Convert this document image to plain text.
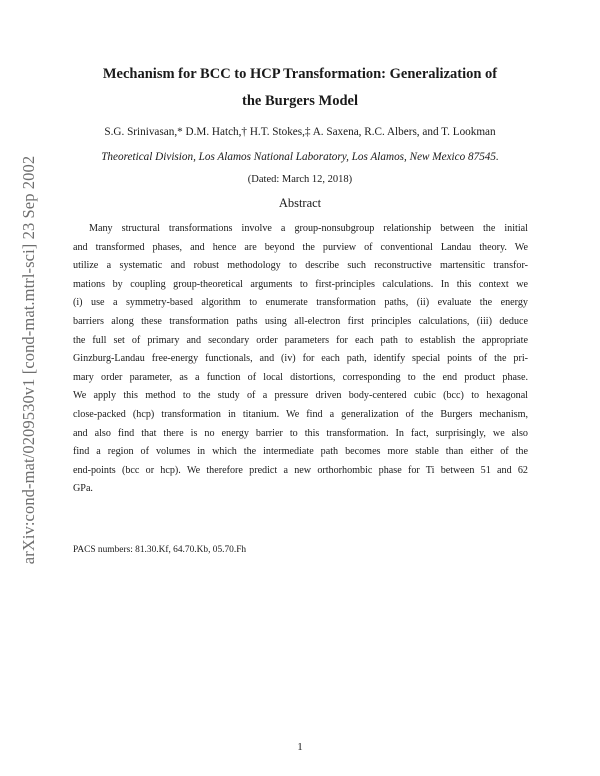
arXiv:cond-mat/0209530v1 [cond-mat.mtrl-sci] 23 Sep 2002
Mechanism for BCC to HCP Transformation: Generalization of
the Burgers Model
S.G. Srinivasan,* D.M. Hatch,† H.T. Stokes,‡ A. Saxena, R.C. Albers, and T. Lookman
Theoretical Division, Los Alamos National Laboratory, Los Alamos, New Mexico 87545.
(Dated: March 12, 2018)
Abstract
Many structural transformations involve a group-nonsubgroup relationship between the initial
and transformed phases, and hence are beyond the purview of conventional Landau theory. We
utilize a systematic and robust methodology to describe such reconstructive martensitic transfor-
mations by coupling group-theoretical arguments to first-principles calculations. In this context we
(i) use a symmetry-based algorithm to enumerate transformation paths, (ii) evaluate the energy
barriers along these transformation paths using all-electron first principles calculations, (iii) deduce
the full set of primary and secondary order parameters for each path to establish the appropriate
Ginzburg-Landau free-energy functionals, and (iv) for each path, identify special points of the pri-
mary order parameter, as a function of local distortions, corresponding to the end product phase.
We apply this method to the study of a pressure driven body-centered cubic (bcc) to hexagonal
close-packed (hcp) transformation in titanium. We find a generalization of the Burgers mechanism,
and also find that there is no energy barrier to this transformation. In fact, surprisingly, we also
find a region of volumes in which the intermediate path becomes more stable than either of the
end-points (bcc or hcp). We therefore predict a new orthorhombic phase for Ti between 51 and 62
GPa.
PACS numbers: 81.30.Kf, 64.70.Kb, 05.70.Fh
1
